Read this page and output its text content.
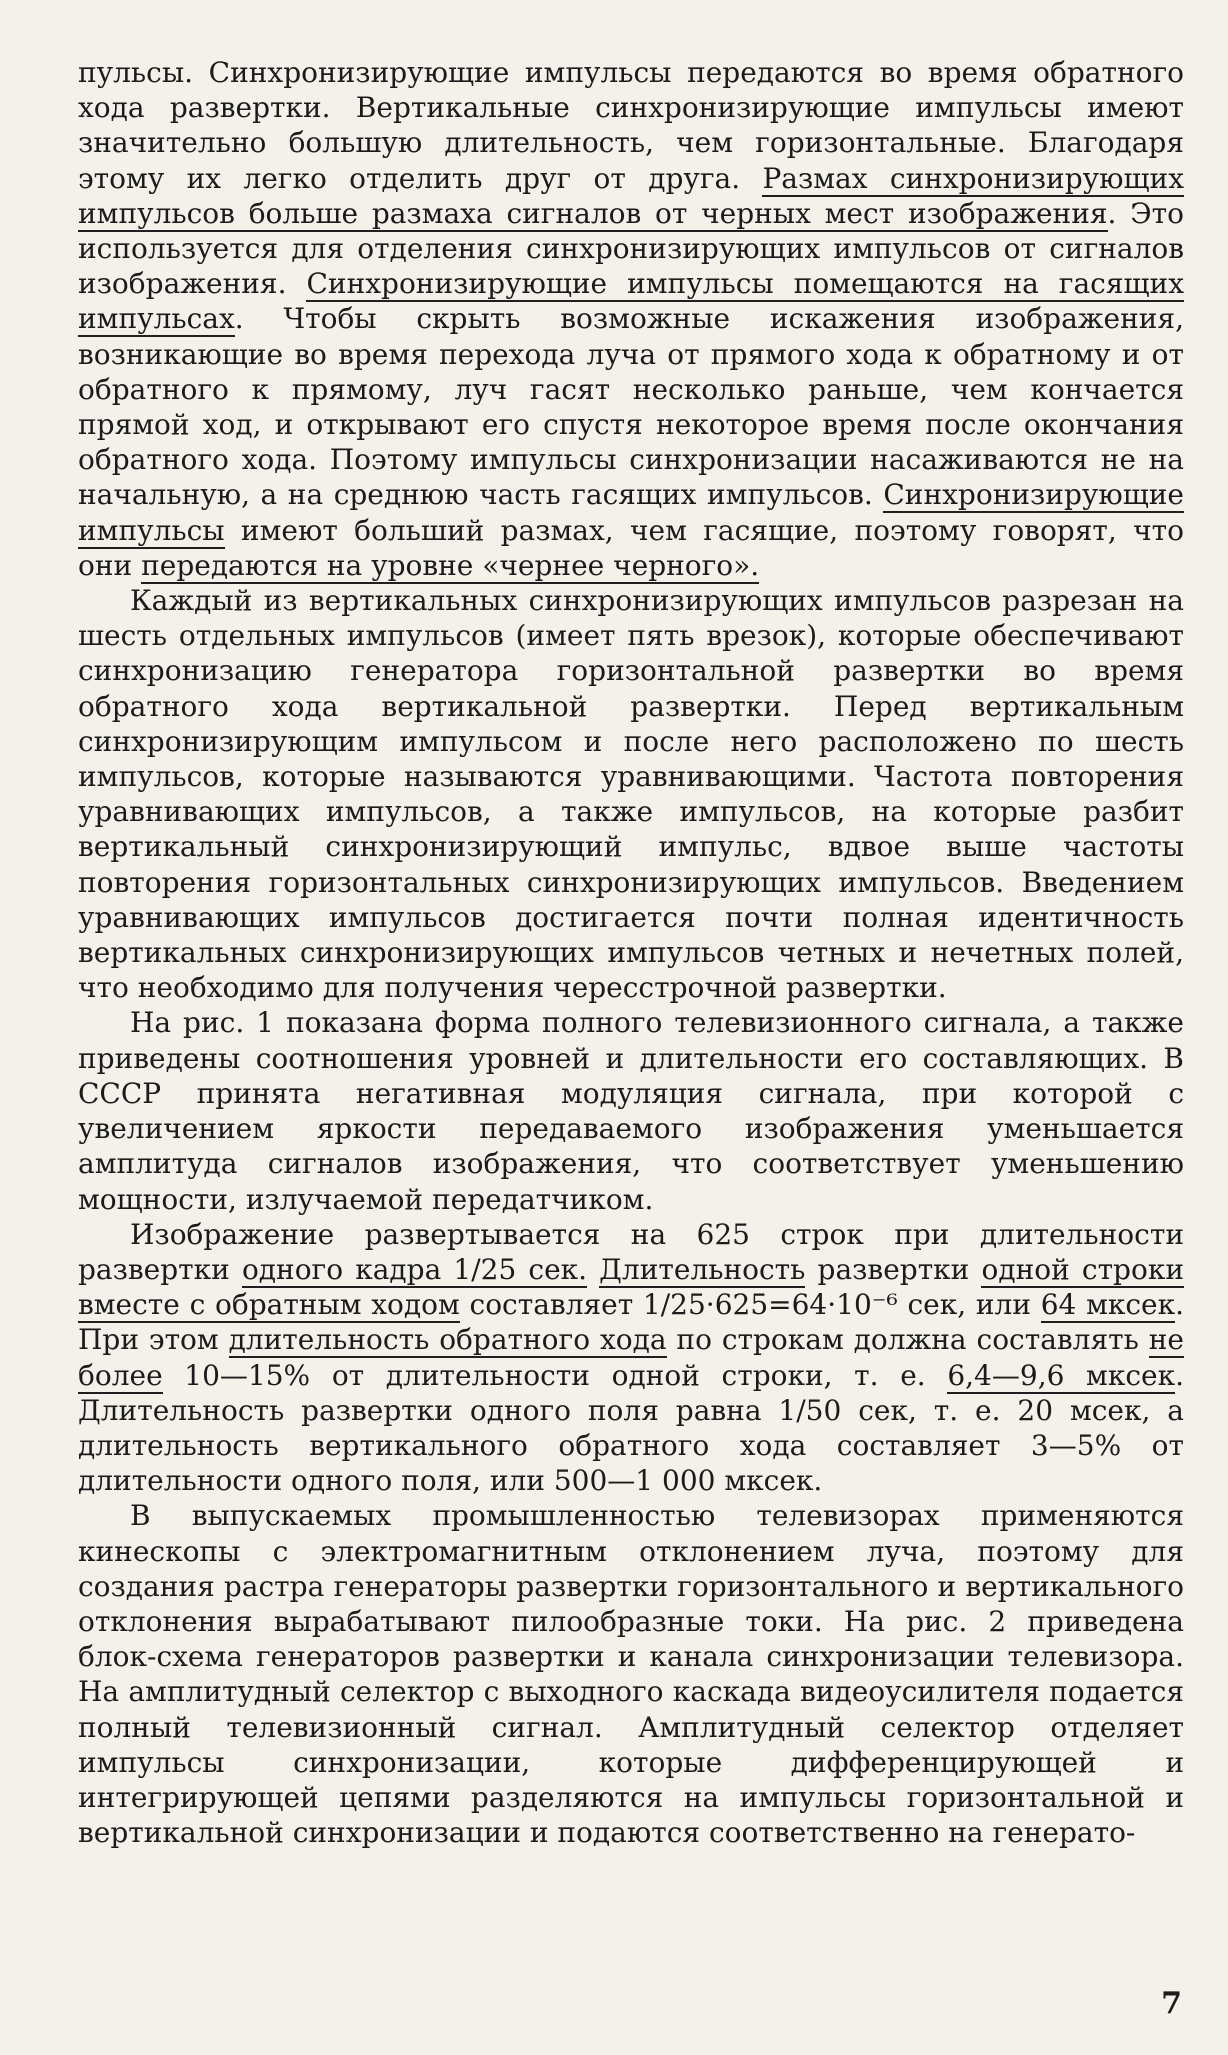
пульсы. Синхронизирующие импульсы передаются во время обратного хода развертки. Вертикальные синхронизирующие импульсы имеют значительно большую длительность, чем горизонтальные. Благодаря этому их легко отделить друг от друга. Размах синхронизирующих импульсов больше размаха сигналов от черных мест изображения. Это используется для отделения синхронизирующих импульсов от сигналов изображения. Синхронизирующие импульсы помещаются на гасящих импульсах. Чтобы скрыть возможные искажения изображения, возникающие во время перехода луча от прямого хода к обратному и от обратного к прямому, луч гасят несколько раньше, чем кончается прямой ход, и открывают его спустя некоторое время после окончания обратного хода. Поэтому импульсы синхронизации насаживаются не на начальную, а на среднюю часть гасящих импульсов. Синхронизирующие импульсы имеют больший размах, чем гасящие, поэтому говорят, что они передаются на уровне «чернее черного».

Каждый из вертикальных синхронизирующих импульсов разрезан на шесть отдельных импульсов (имеет пять врезок), которые обеспечивают синхронизацию генератора горизонтальной развертки во время обратного хода вертикальной развертки. Перед вертикальным синхронизирующим импульсом и после него расположено по шесть импульсов, которые называются уравнивающими. Частота повторения уравнивающих импульсов, а также импульсов, на которые разбит вертикальный синхронизирующий импульс, вдвое выше частоты повторения горизонтальных синхронизирующих импульсов. Введением уравнивающих импульсов достигается почти полная идентичность вертикальных синхронизирующих импульсов четных и нечетных полей, что необходимо для получения чересстрочной развертки.

На рис. 1 показана форма полного телевизионного сигнала, а также приведены соотношения уровней и длительности его составляющих. В СССР принята негативная модуляция сигнала, при которой с увеличением яркости передаваемого изображения уменьшается амплитуда сигналов изображения, что соответствует уменьшению мощности, излучаемой передатчиком.

Изображение развертывается на 625 строк при длительности развертки одного кадра 1/25 сек. Длительность развертки одной строки вместе с обратным ходом составляет 1/25·625=64·10⁻⁶ сек, или 64 мксек. При этом длительность обратного хода по строкам должна составлять не более 10—15% от длительности одной строки, т. е. 6,4—9,6 мксек. Длительность развертки одного поля равна 1/50 сек, т. е. 20 мсек, а длительность вертикального обратного хода составляет 3—5% от длительности одного поля, или 500—1 000 мксек.

В выпускаемых промышленностью телевизорах применяются кинескопы с электромагнитным отклонением луча, поэтому для создания растра генераторы развертки горизонтального и вертикального отклонения вырабатывают пилообразные токи. На рис. 2 приведена блок-схема генераторов развертки и канала синхронизации телевизора. На амплитудный селектор с выходного каскада видеоусилителя подается полный телевизионный сигнал. Амплитудный селектор отделяет импульсы синхронизации, которые дифференцирующей и интегрирующей цепями разделяются на импульсы горизонтальной и вертикальной синхронизации и подаются соответственно на генерато-

7
